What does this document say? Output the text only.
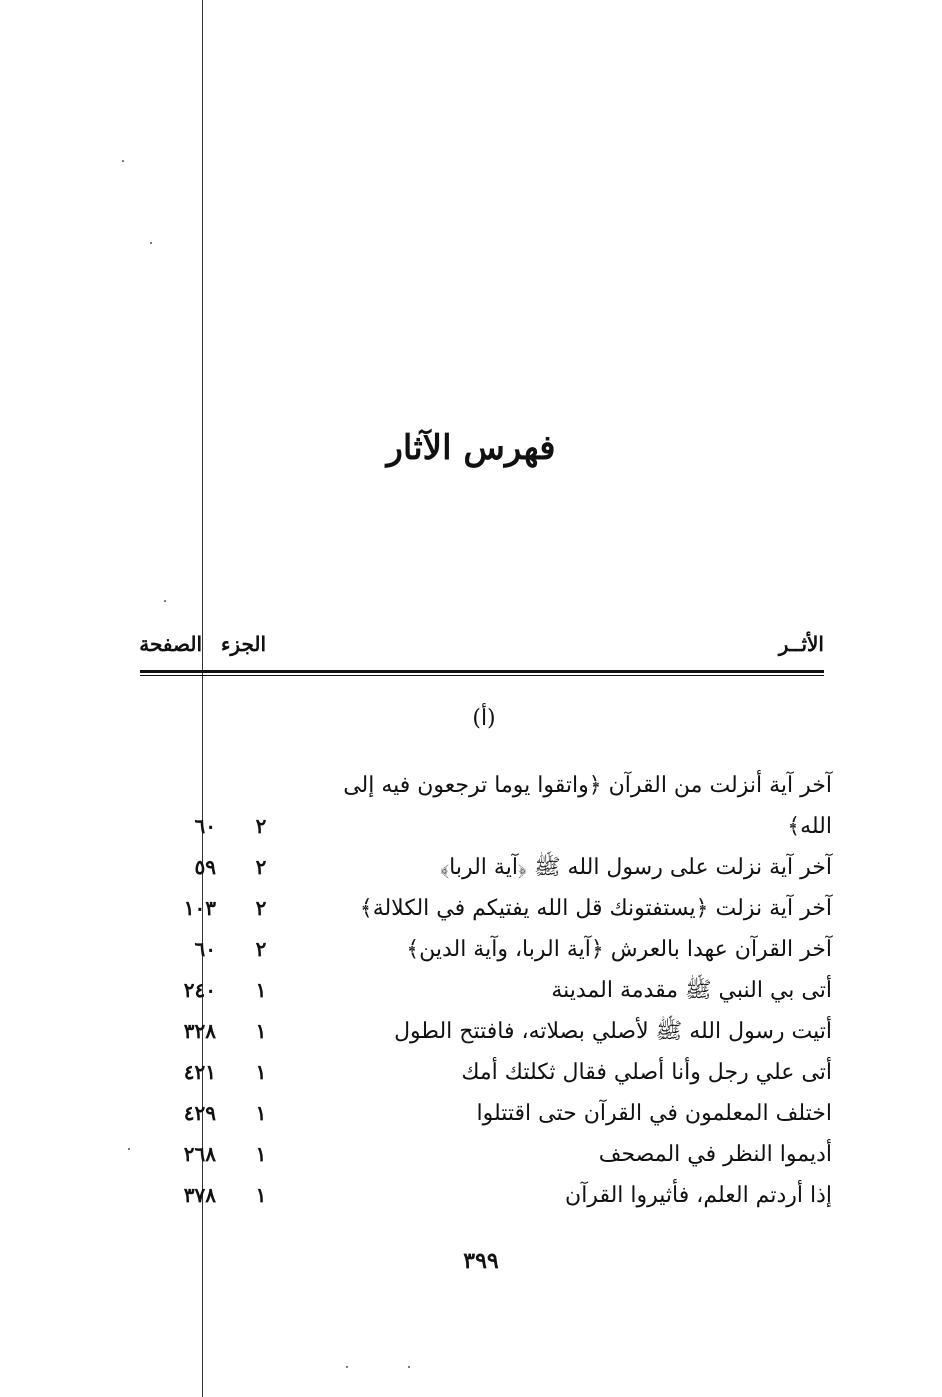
فهرس الآثار
الأثــر
الجزء
الصفحة
(أ)
آخر آية أنزلت من القرآن ﴿واتقوا يوما ترجعون فيه إلى الله﴾
٢
٦٠
آخر آية نزلت على رسول الله ﷺ ﴿آية الربا﴾
٢
٥٩
آخر آية نزلت ﴿يستفتونك قل الله يفتيكم في الكلالة﴾
٢
١٠٣
آخر القرآن عهدا بالعرش ﴿آية الربا، وآية الدين﴾
٢
٦٠
أتى بي النبي ﷺ مقدمة المدينة
١
٢٤٠
أتيت رسول الله ﷺ لأصلي بصلاته، فافتتح الطول
١
٣٢٨
أتى علي رجل وأنا أصلي فقال ثكلتك أمك
١
٤٢١
اختلف المعلمون في القرآن حتى اقتتلوا
١
٤٢٩
أديموا النظر في المصحف
١
٢٦٨
إذا أردتم العلم، فأثيروا القرآن
١
٣٧٨
٣٩٩
